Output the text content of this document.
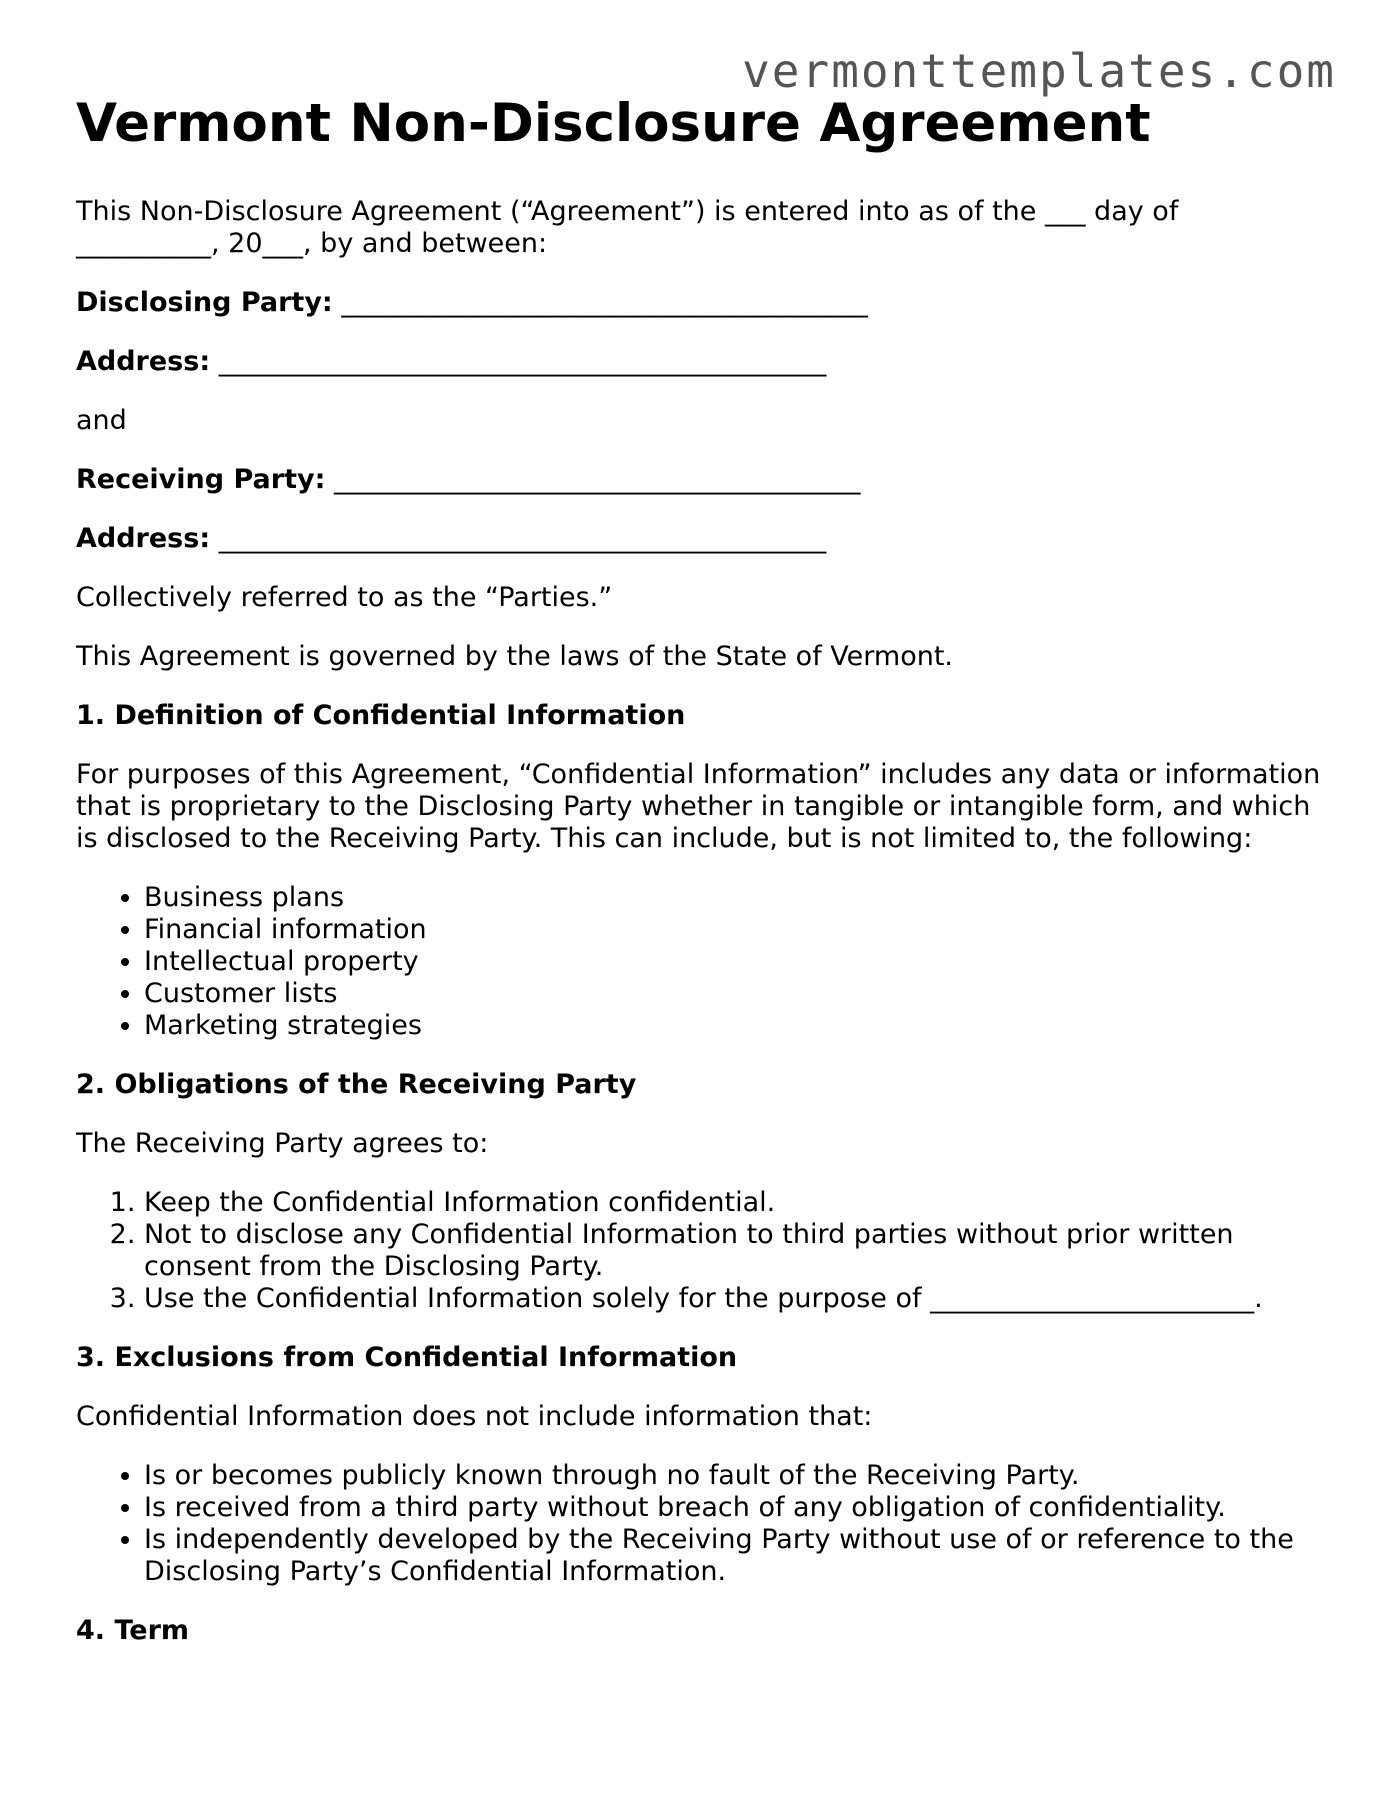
vermonttemplates.com
Vermont Non-Disclosure Agreement

This Non-Disclosure Agreement (“Agreement”) is entered into as of the ___ day of __________, 20___, by and between:

Disclosing Party: _______________________________________
Address: _____________________________________________

and

Receiving Party: _______________________________________
Address: _____________________________________________

Collectively referred to as the “Parties.”

This Agreement is governed by the laws of the State of Vermont.

1. Definition of Confidential Information

For purposes of this Agreement, “Confidential Information” includes any data or information that is proprietary to the Disclosing Party whether in tangible or intangible form, and which is disclosed to the Receiving Party. This can include, but is not limited to, the following:

• Business plans
• Financial information
• Intellectual property
• Customer lists
• Marketing strategies
2. Obligations of the Receiving Party

The Receiving Party agrees to:

1. Keep the Confidential Information confidential.
2. Not to disclose any Confidential Information to third parties without prior written consent from the Disclosing Party.
3. Use the Confidential Information solely for the purpose of ________________________.
3. Exclusions from Confidential Information

Confidential Information does not include information that:

• Is or becomes publicly known through no fault of the Receiving Party.
• Is received from a third party without breach of any obligation of confidentiality.
• Is independently developed by the Receiving Party without use of or reference to the Disclosing Party’s Confidential Information.
4. Term
